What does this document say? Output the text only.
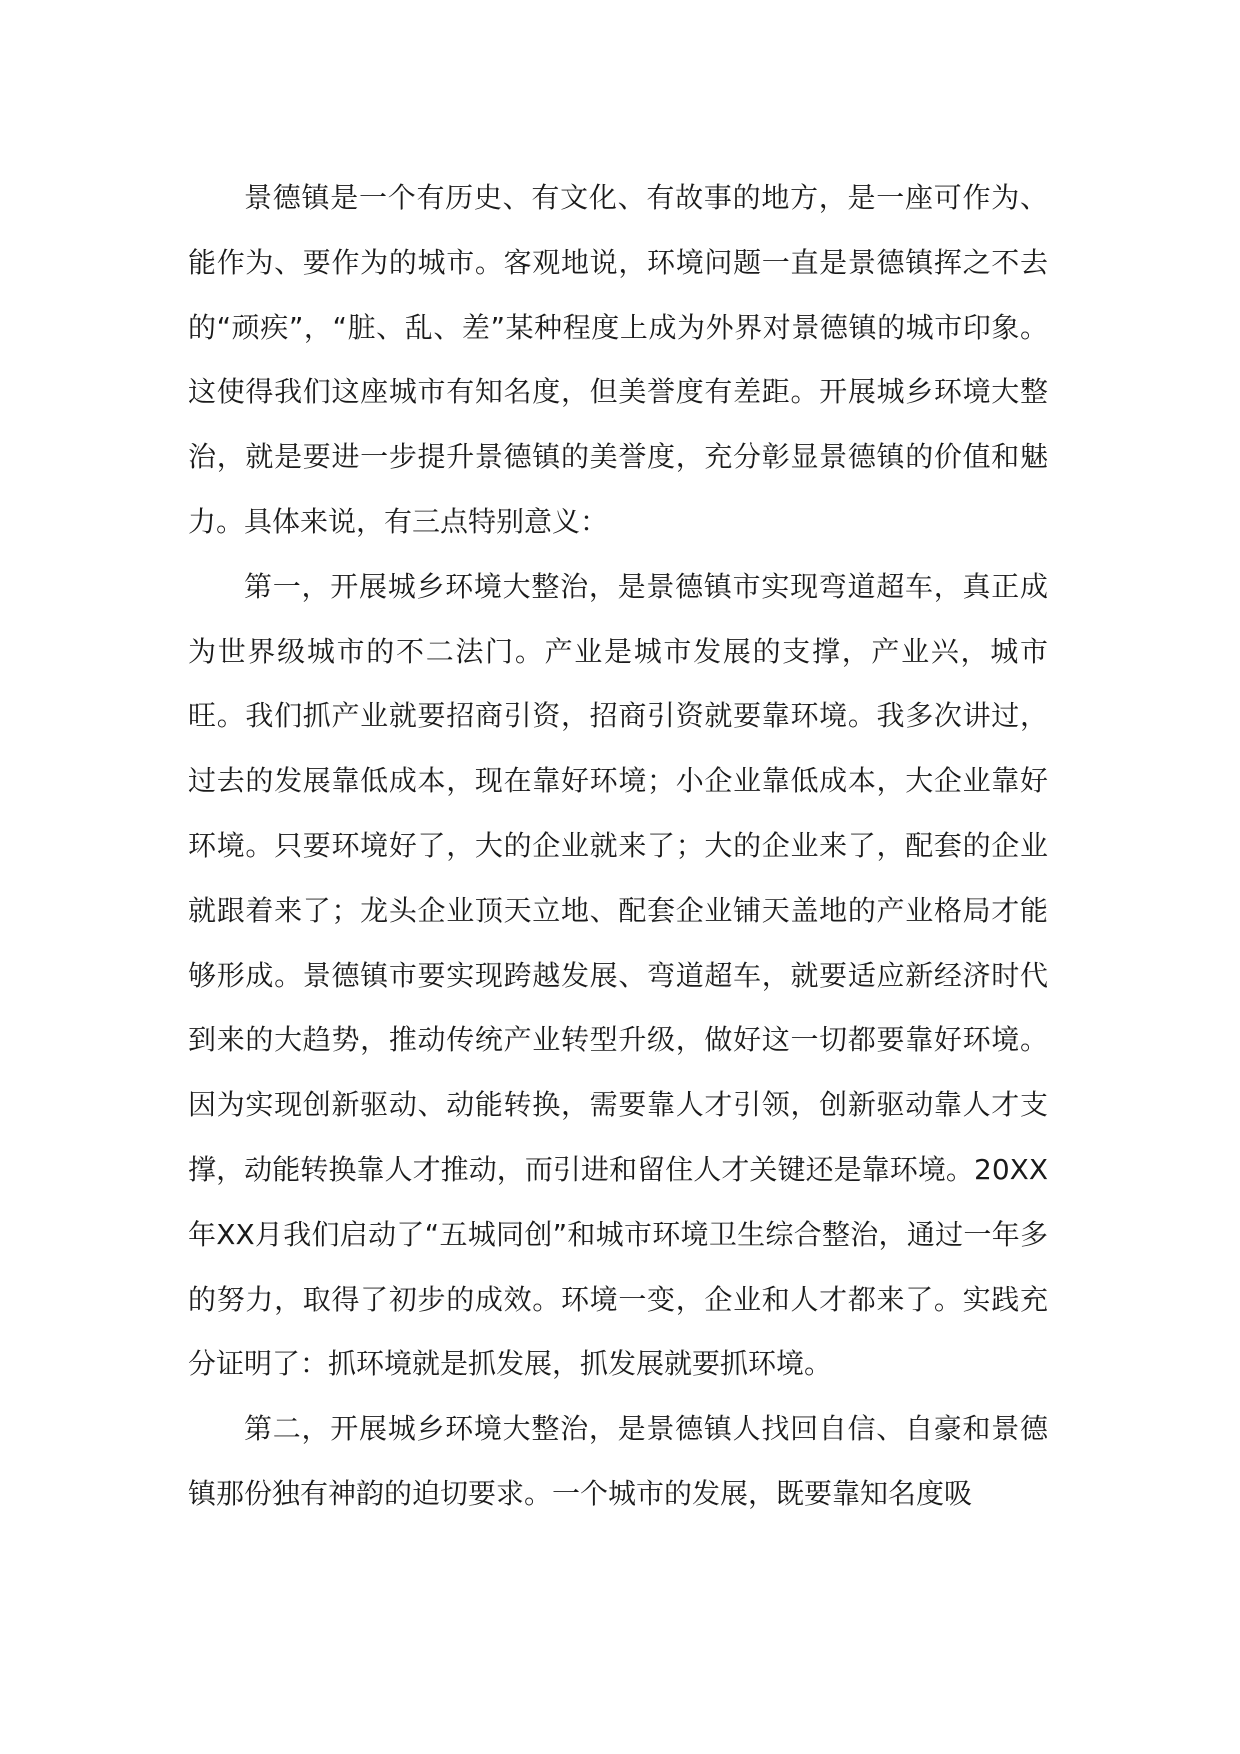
景德镇是一个有历史、有文化、有故事的地方，是一座可作为、能作为、要作为的城市。客观地说，环境问题一直是景德镇挥之不去的“顽疾”，“脏、乱、差”某种程度上成为外界对景德镇的城市印象。这使得我们这座城市有知名度，但美誉度有差距。开展城乡环境大整治，就是要进一步提升景德镇的美誉度，充分彰显景德镇的价值和魅力。具体来说，有三点特别意义：

第一，开展城乡环境大整治，是景德镇市实现弯道超车，真正成为世界级城市的不二法门。产业是城市发展的支撑，产业兴，城市旺。我们抓产业就要招商引资，招商引资就要靠环境。我多次讲过，过去的发展靠低成本，现在靠好环境；小企业靠低成本，大企业靠好环境。只要环境好了，大的企业就来了；大的企业来了，配套的企业就跟着来了；龙头企业顶天立地、配套企业铺天盖地的产业格局才能够形成。景德镇市要实现跨越发展、弯道超车，就要适应新经济时代到来的大趋势，推动传统产业转型升级，做好这一切都要靠好环境。因为实现创新驱动、动能转换，需要靠人才引领，创新驱动靠人才支撑，动能转换靠人才推动，而引进和留住人才关键还是靠环境。20XX年XX月我们启动了“五城同创”和城市环境卫生综合整治，通过一年多的努力，取得了初步的成效。环境一变，企业和人才都来了。实践充分证明了：抓环境就是抓发展，抓发展就要抓环境。

第二，开展城乡环境大整治，是景德镇人找回自信、自豪和景德镇那份独有神韵的迫切要求。一个城市的发展，既要靠知名度吸
